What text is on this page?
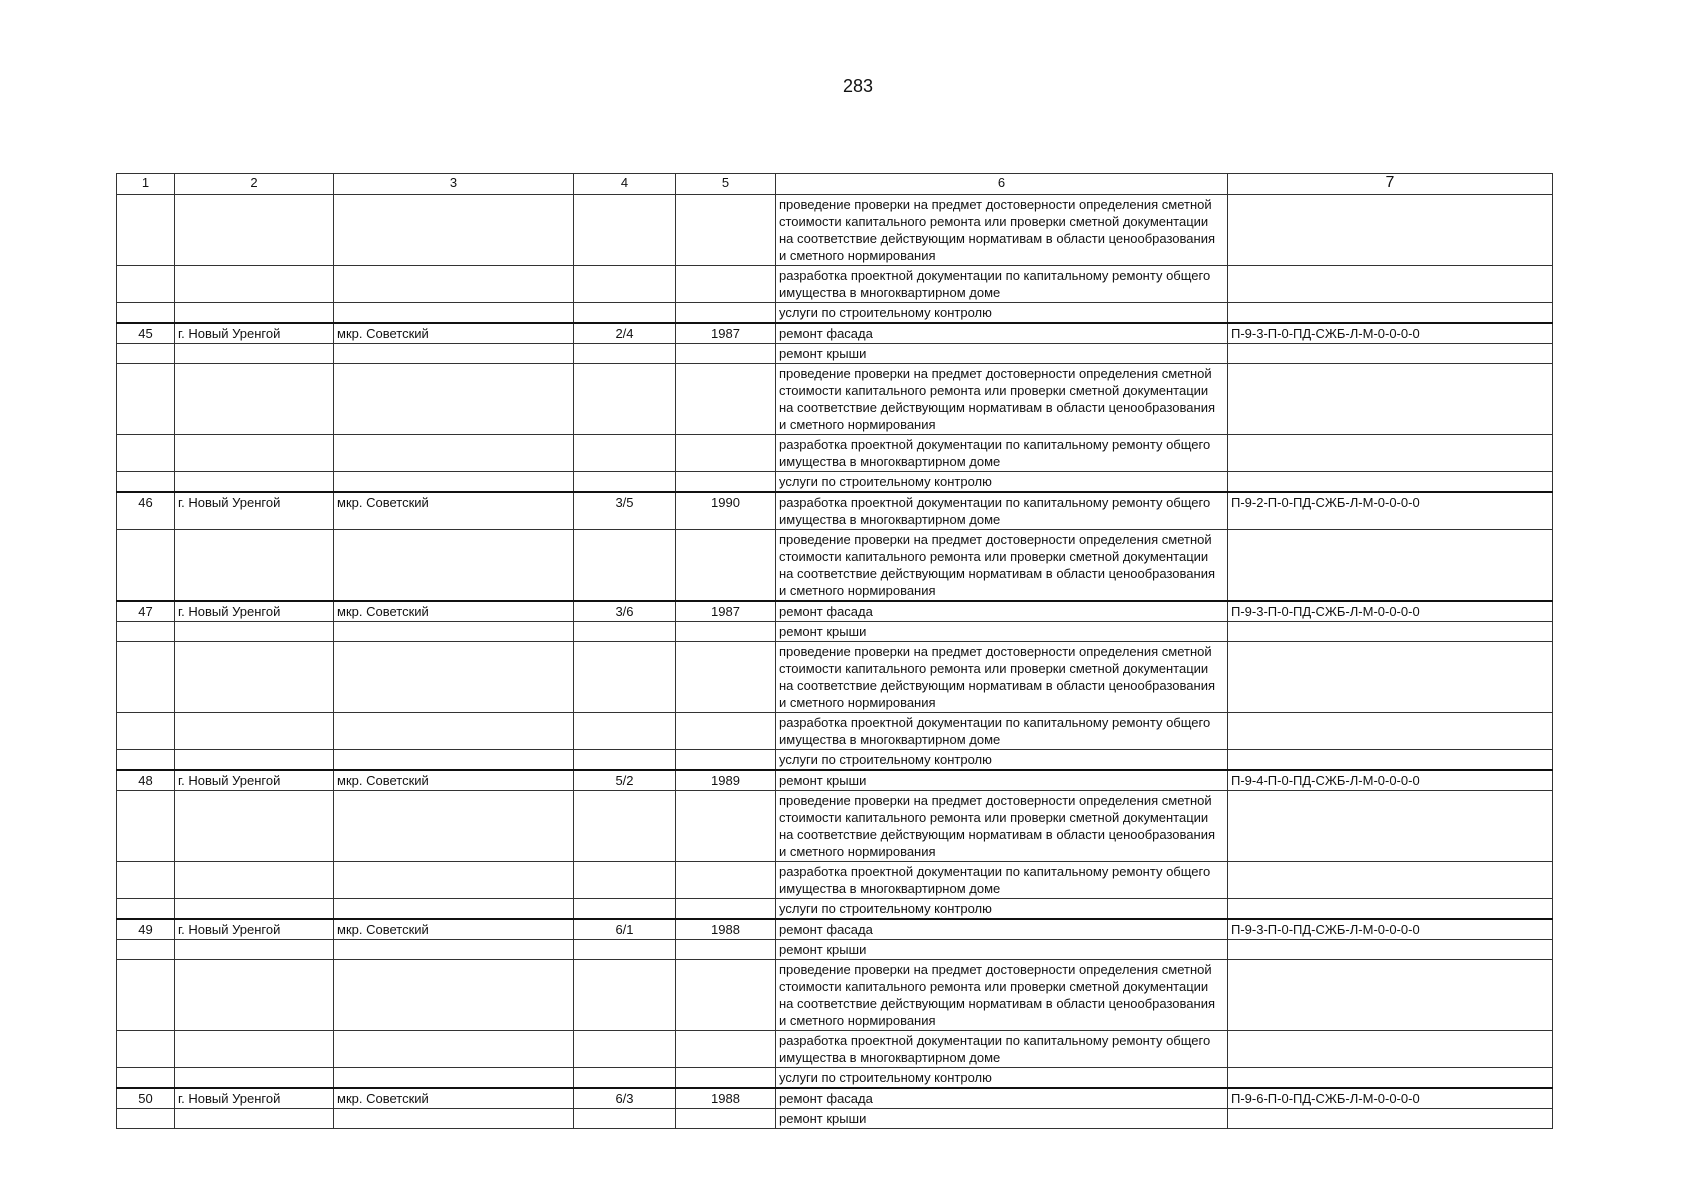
283
1	2	3	4	5	6	7
					проведение проверки на предмет достоверности определения сметной стоимости капитального ремонта или проверки сметной документации на соответствие действующим нормативам в области ценообразования и сметного нормирования	
					разработка проектной документации по капитальному ремонту общего имущества в многоквартирном доме	
					услуги по строительному контролю	
45	г. Новый Уренгой	мкр. Советский	2/4	1987	ремонт фасада	П-9-3-П-0-ПД-СЖБ-Л-М-0-0-0-0
					ремонт крыши	
					проведение проверки на предмет достоверности определения сметной стоимости капитального ремонта или проверки сметной документации на соответствие действующим нормативам в области ценообразования и сметного нормирования	
					разработка проектной документации по капитальному ремонту общего имущества в многоквартирном доме	
					услуги по строительному контролю	
46	г. Новый Уренгой	мкр. Советский	3/5	1990	разработка проектной документации по капитальному ремонту общего имущества в многоквартирном доме	П-9-2-П-0-ПД-СЖБ-Л-М-0-0-0-0
					проведение проверки на предмет достоверности определения сметной стоимости капитального ремонта или проверки сметной документации на соответствие действующим нормативам в области ценообразования и сметного нормирования	
47	г. Новый Уренгой	мкр. Советский	3/6	1987	ремонт фасада	П-9-3-П-0-ПД-СЖБ-Л-М-0-0-0-0
					ремонт крыши	
					проведение проверки на предмет достоверности определения сметной стоимости капитального ремонта или проверки сметной документации на соответствие действующим нормативам в области ценообразования и сметного нормирования	
					разработка проектной документации по капитальному ремонту общего имущества в многоквартирном доме	
					услуги по строительному контролю	
48	г. Новый Уренгой	мкр. Советский	5/2	1989	ремонт крыши	П-9-4-П-0-ПД-СЖБ-Л-М-0-0-0-0
					проведение проверки на предмет достоверности определения сметной стоимости капитального ремонта или проверки сметной документации на соответствие действующим нормативам в области ценообразования и сметного нормирования	
					разработка проектной документации по капитальному ремонту общего имущества в многоквартирном доме	
					услуги по строительному контролю	
49	г. Новый Уренгой	мкр. Советский	6/1	1988	ремонт фасада	П-9-3-П-0-ПД-СЖБ-Л-М-0-0-0-0
					ремонт крыши	
					проведение проверки на предмет достоверности определения сметной стоимости капитального ремонта или проверки сметной документации на соответствие действующим нормативам в области ценообразования и сметного нормирования	
					разработка проектной документации по капитальному ремонту общего имущества в многоквартирном доме	
					услуги по строительному контролю	
50	г. Новый Уренгой	мкр. Советский	6/3	1988	ремонт фасада	П-9-6-П-0-ПД-СЖБ-Л-М-0-0-0-0
					ремонт крыши	
